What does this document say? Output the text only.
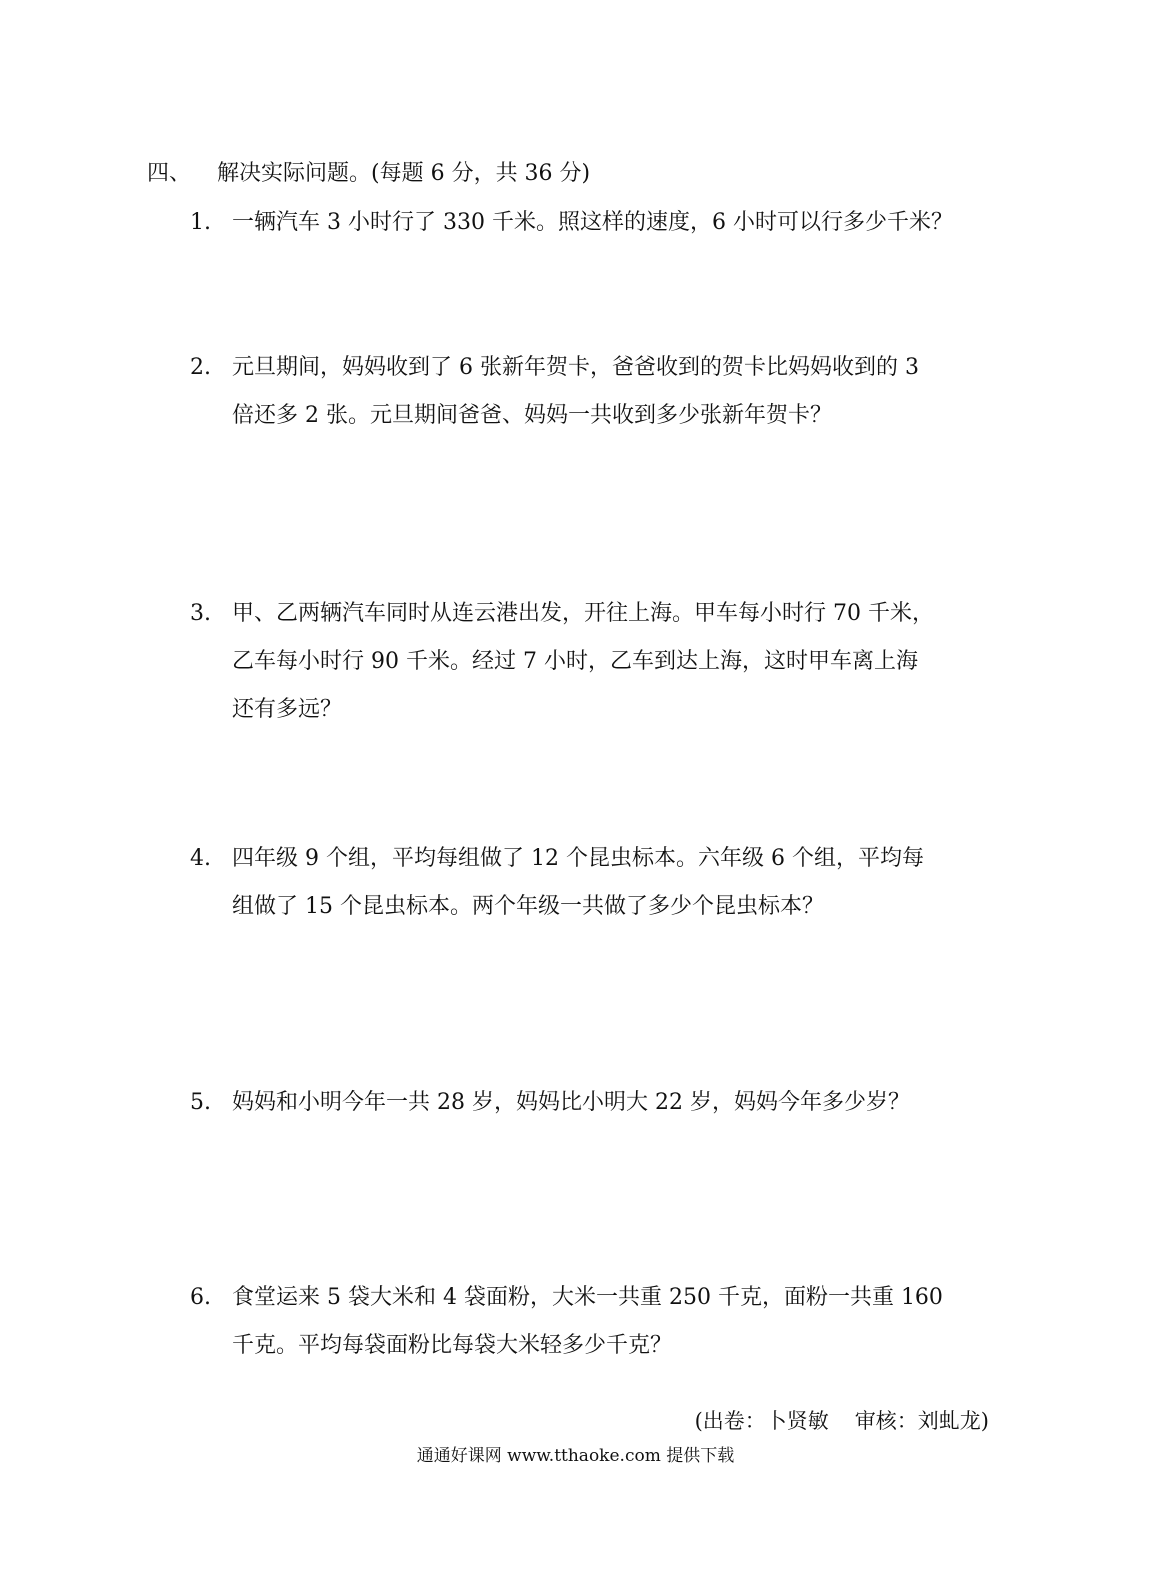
四、 解决实际问题。(每题 6 分，共 36 分)
1. 一辆汽车 3 小时行了 330 千米。照这样的速度，6 小时可以行多少千米？
2. 元旦期间，妈妈收到了 6 张新年贺卡，爸爸收到的贺卡比妈妈收到的 3
倍还多 2 张。元旦期间爸爸、妈妈一共收到多少张新年贺卡？
3. 甲、乙两辆汽车同时从连云港出发，开往上海。甲车每小时行 70 千米，
乙车每小时行 90 千米。经过 7 小时，乙车到达上海，这时甲车离上海
还有多远？
4. 四年级 9 个组，平均每组做了 12 个昆虫标本。六年级 6 个组，平均每
组做了 15 个昆虫标本。两个年级一共做了多少个昆虫标本？
5. 妈妈和小明今年一共 28 岁，妈妈比小明大 22 岁，妈妈今年多少岁？
6. 食堂运来 5 袋大米和 4 袋面粉，大米一共重 250 千克，面粉一共重 160
千克。平均每袋面粉比每袋大米轻多少千克？
(出卷：卜贤敏 审核：刘虬龙)
通通好课网 www.tthaoke.com 提供下载
